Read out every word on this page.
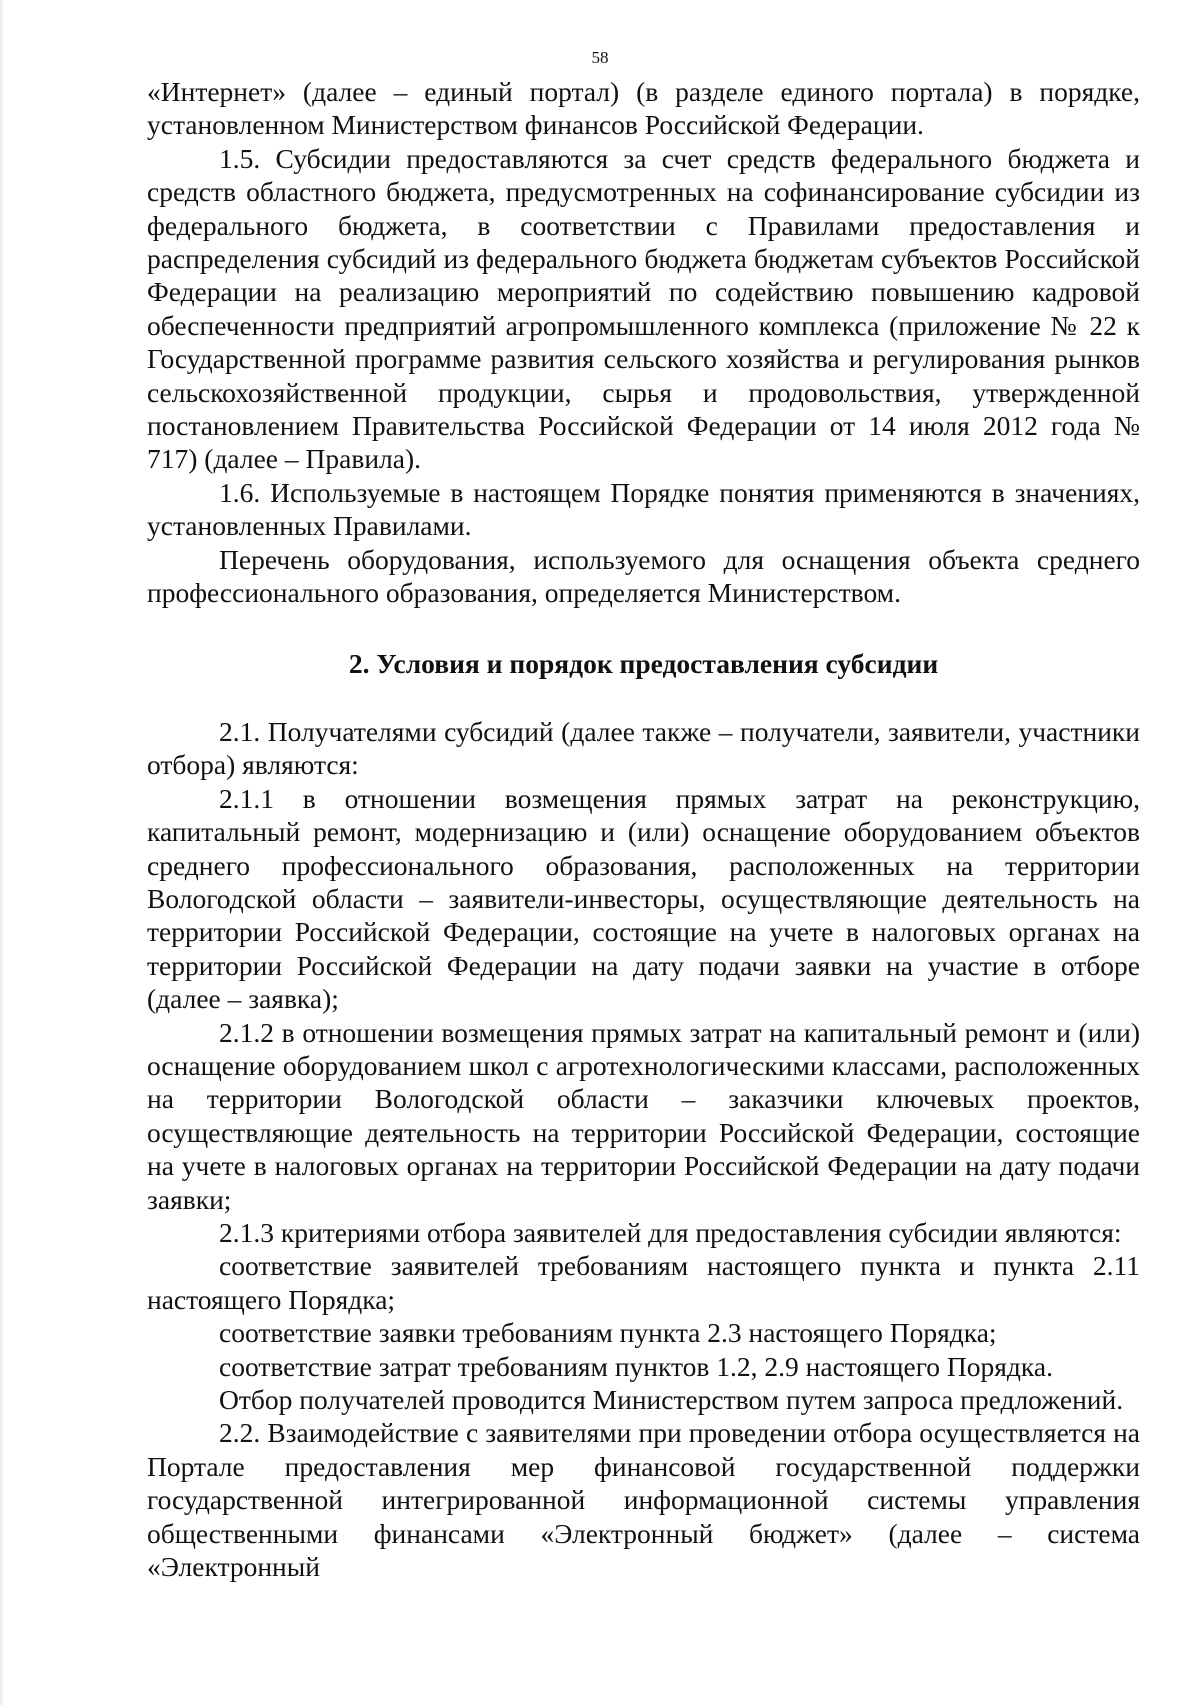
58

«Интернет» (далее – единый портал) (в разделе единого портала) в порядке, установленном Министерством финансов Российской Федерации.

1.5. Субсидии предоставляются за счет средств федерального бюджета и средств областного бюджета, предусмотренных на софинансирование субсидии из федерального бюджета, в соответствии с Правилами предоставления и распределения субсидий из федерального бюджета бюджетам субъектов Российской Федерации на реализацию мероприятий по содействию повышению кадровой обеспеченности предприятий агропромышленного комплекса (приложение № 22 к Государственной программе развития сельского хозяйства и регулирования рынков сельскохозяйственной продукции, сырья и продовольствия, утвержденной постановлением Правительства Российской Федерации от 14 июля 2012 года № 717) (далее – Правила).

1.6. Используемые в настоящем Порядке понятия применяются в значениях, установленных Правилами.

Перечень оборудования, используемого для оснащения объекта среднего профессионального образования, определяется Министерством.

2. Условия и порядок предоставления субсидии

2.1. Получателями субсидий (далее также – получатели, заявители, участники отбора) являются:

2.1.1 в отношении возмещения прямых затрат на реконструкцию, капитальный ремонт, модернизацию и (или) оснащение оборудованием объектов среднего профессионального образования, расположенных на территории Вологодской области – заявители-инвесторы, осуществляющие деятельность на территории Российской Федерации, состоящие на учете в налоговых органах на территории Российской Федерации на дату подачи заявки на участие в отборе (далее – заявка);

2.1.2 в отношении возмещения прямых затрат на капитальный ремонт и (или) оснащение оборудованием школ с агротехнологическими классами, расположенных на территории Вологодской области – заказчики ключевых проектов, осуществляющие деятельность на территории Российской Федерации, состоящие на учете в налоговых органах на территории Российской Федерации на дату подачи заявки;

2.1.3 критериями отбора заявителей для предоставления субсидии являются:

соответствие заявителей требованиям настоящего пункта и пункта 2.11 настоящего Порядка;

соответствие заявки требованиям пункта 2.3 настоящего Порядка;

соответствие затрат требованиям пунктов 1.2, 2.9 настоящего Порядка.

Отбор получателей проводится Министерством путем запроса предложений.

2.2. Взаимодействие с заявителями при проведении отбора осуществляется на Портале предоставления мер финансовой государственной поддержки государственной интегрированной информационной системы управления общественными финансами «Электронный бюджет» (далее – система «Электронный
